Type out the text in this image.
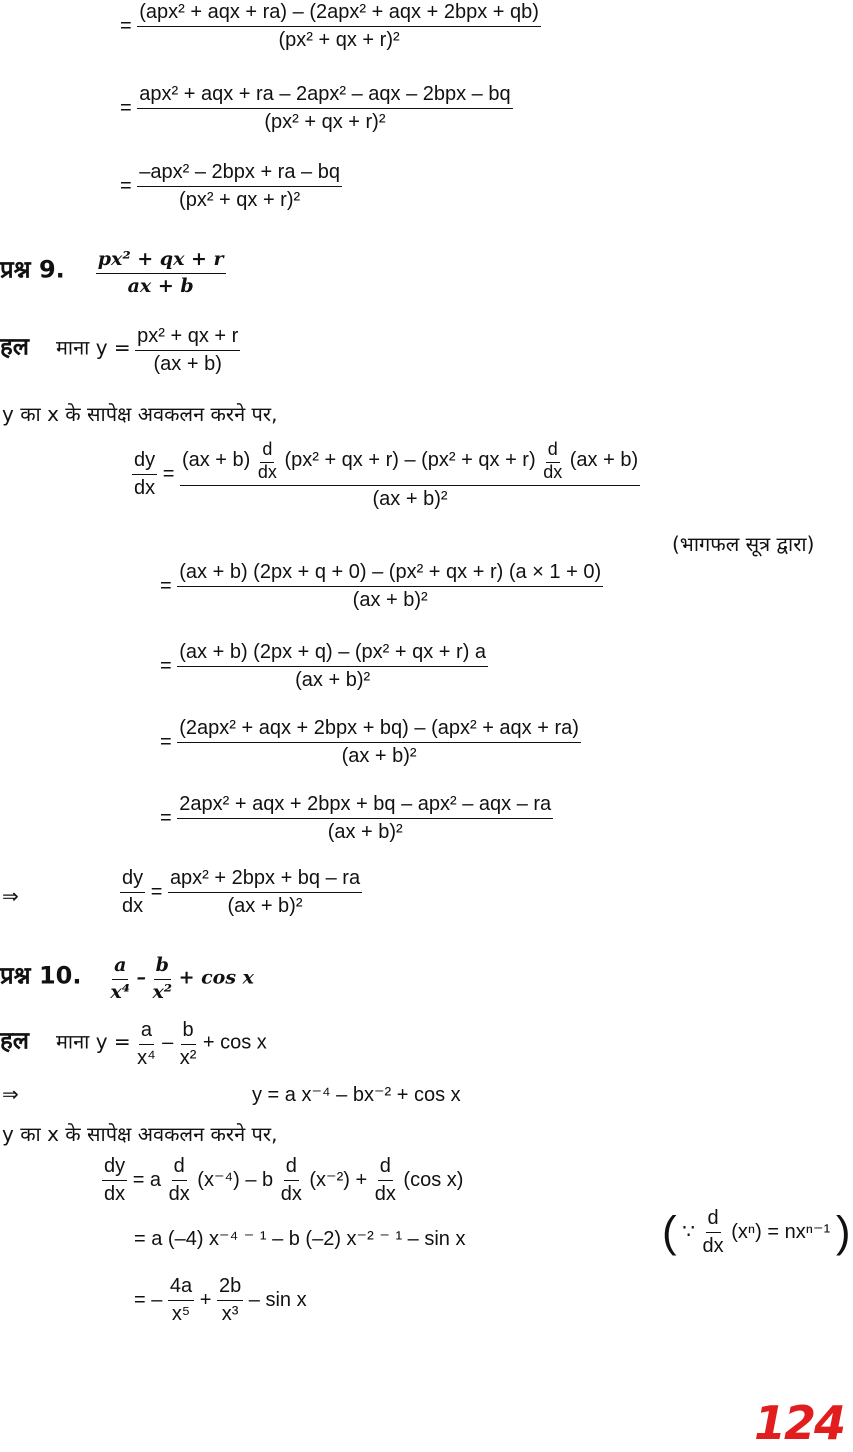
= $\frac{\text{(apx² + aqx + ra) – (2apx² + aqx + 2bpx + qb)}}{\text{(px² + qx + r)²}}$
= $\frac{\text{apx² + aqx + ra – 2apx² – aqx – 2bpx – bq}}{\text{(px² + qx + r)²}}$
= $\frac{\text{–apx² – 2bpx + ra – bq}}{\text{(px² + qx + r)²}}$
प्रश्न 9. $\frac{\text{px² + qx + r}}{ax + b}$
हल माना $y = \frac{\text{px² + qx + r}}{(ax + b)}$
y का x के सापेक्ष अवकलन करने पर,
$\frac{dy}{dx}$ =
$(ax + b) \frac{d}{dx} (px^2$ + qx + r) – (px² + qx + $r) \frac{d}{dx} (ax + b)$
(ax + b)²
(भागफल सूत्र द्वारा)
= $\frac{\text{(ax + b) (2px + q + 0) – (px² + qx + r) (a × 1 + 0)}}{\text{(ax + b)²}}$
= $\frac{\text{(ax + b) (2px + q) – (px² + qx + r) a}}{\text{(ax + b)²}}$
= $\frac{\text{(2apx² + aqx + 2bpx + bq) – (apx² + aqx + ra)}}{\text{(ax + b)²}}$
= $\frac{\text{2apx² + aqx + 2bpx + bq – apx² – aqx – ra}}{\text{(ax + b)²}}$
⇒	$\frac{dy}{dx} = \frac{\text{apx² + 2bpx + bq – ra}}{\text{(ax + b)²}}$
प्रश्न 10. $\frac{a}{\text{x⁴}} - \frac{b}{\text{x²}} + \cos x$
हल माना $y = \frac{a}{\text{x⁴}} - \frac{b}{\text{x²}} + \cos x$
⇒	y = a x⁻⁴ – bx⁻² + cos x
y का x के सापेक्ष अवकलन करने पर,
$\frac{dy}{dx} = a \frac{d}{dx} (x^{-4}) - b \frac{d}{dx} (x^{-2}) + \frac{d}{dx} (\cos$ x)
= a (–4) x⁻⁴ ⁻ ¹ – b (–2) x⁻² ⁻ ¹ – sin x	( ∵ $\frac{d}{dx} (x^n) = nx^{n-1}$ )
= – $\frac{4a}{\text{x⁵}} + \frac{2b}{\text{x³}} - \sin x$
124
